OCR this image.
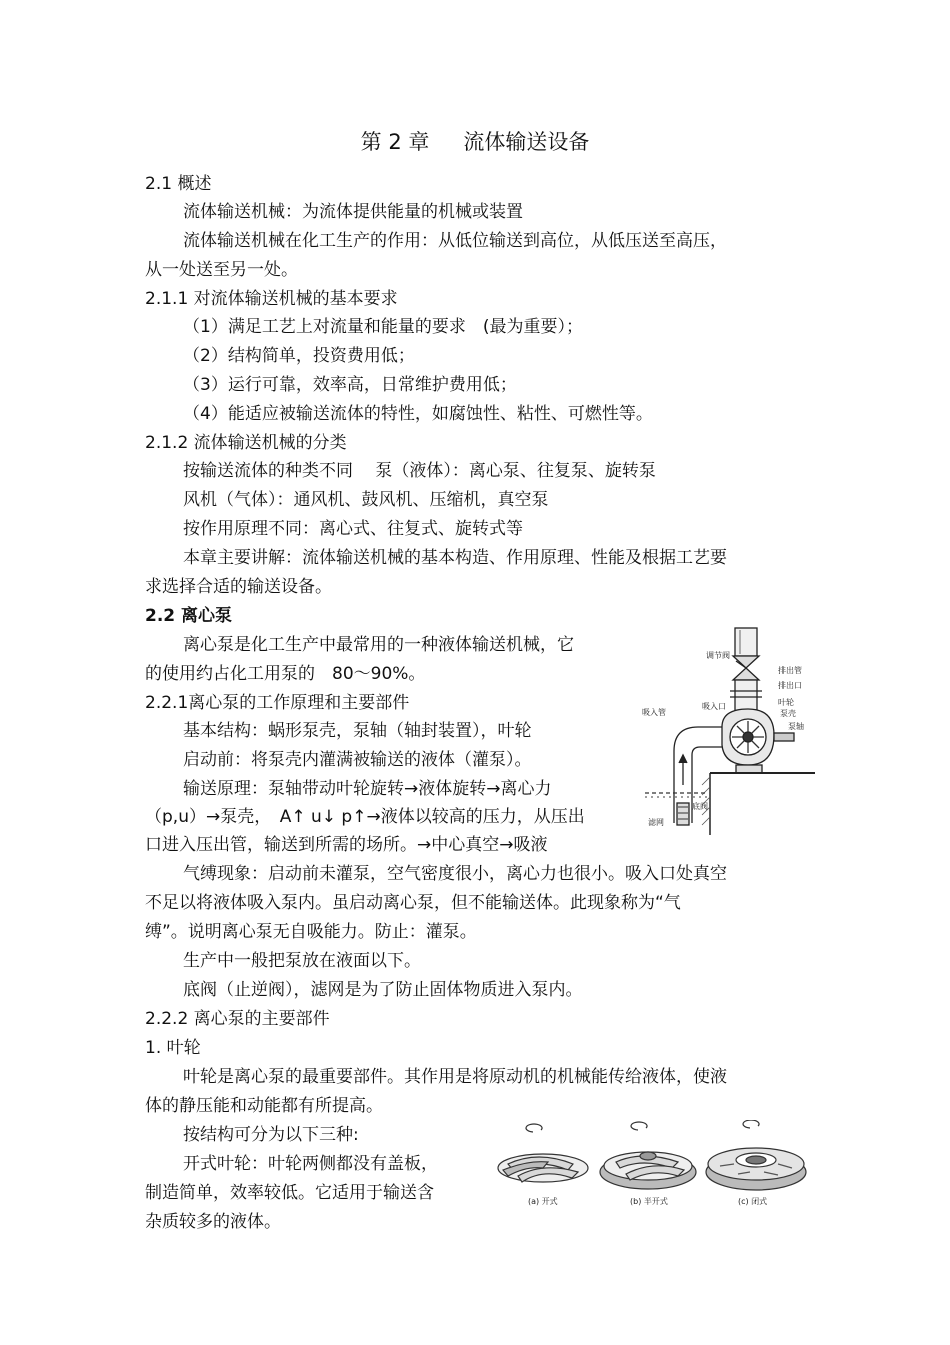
第 2 章 流体输送设备
2.1 概述
流体输送机械：为流体提供能量的机械或装置
流体输送机械在化工生产的作用：从低位输送到高位，从低压送至高压，
从一处送至另一处。
2.1.1 对流体输送机械的基本要求
（1）满足工艺上对流量和能量的要求　(最为重要）；
（2）结构简单，投资费用低；
（3）运行可靠，效率高，日常维护费用低；
（4）能适应被输送流体的特性，如腐蚀性、粘性、可燃性等。
2.1.2 流体输送机械的分类
按输送流体的种类不同　 泵（液体）：离心泵、往复泵、旋转泵
风机（气体）：通风机、鼓风机、压缩机，真空泵
按作用原理不同：离心式、往复式、旋转式等
本章主要讲解：流体输送机械的基本构造、作用原理、性能及根据工艺要
求选择合适的输送设备。
2.2 离心泵
离心泵是化工生产中最常用的一种液体输送机械，它
的使用约占化工用泵的　80～90%。
2.2.1离心泵的工作原理和主要部件
基本结构：蜗形泵壳，泵轴（轴封装置），叶轮
启动前：将泵壳内灌满被输送的液体（灌泵）。
输送原理：泵轴带动叶轮旋转→液体旋转→离心力
（p,u）→泵壳，　A↑ u↓ p↑→液体以较高的压力，从压出
口进入压出管，输送到所需的场所。→中心真空→吸液
气缚现象：启动前未灌泵，空气密度很小，离心力也很小。吸入口处真空
不足以将液体吸入泵内。虽启动离心泵，但不能输送体。此现象称为“气
缚”。说明离心泵无自吸能力。防止：灌泵。
生产中一般把泵放在液面以下。
底阀（止逆阀），滤网是为了防止固体物质进入泵内。
2.2.2 离心泵的主要部件
1. 叶轮
叶轮是离心泵的最重要部件。其作用是将原动机的机械能传给液体，使液
体的静压能和动能都有所提高。
按结构可分为以下三种:
开式叶轮：叶轮两侧都没有盖板，
制造简单，效率较低。它适用于输送含
杂质较多的液体。
调节阀
排出管
排出口
吸入口	叶轮
泵壳
泵轴
吸入管
滤网
底阀
(a) 开式	(b) 半开式	(c) 闭式
